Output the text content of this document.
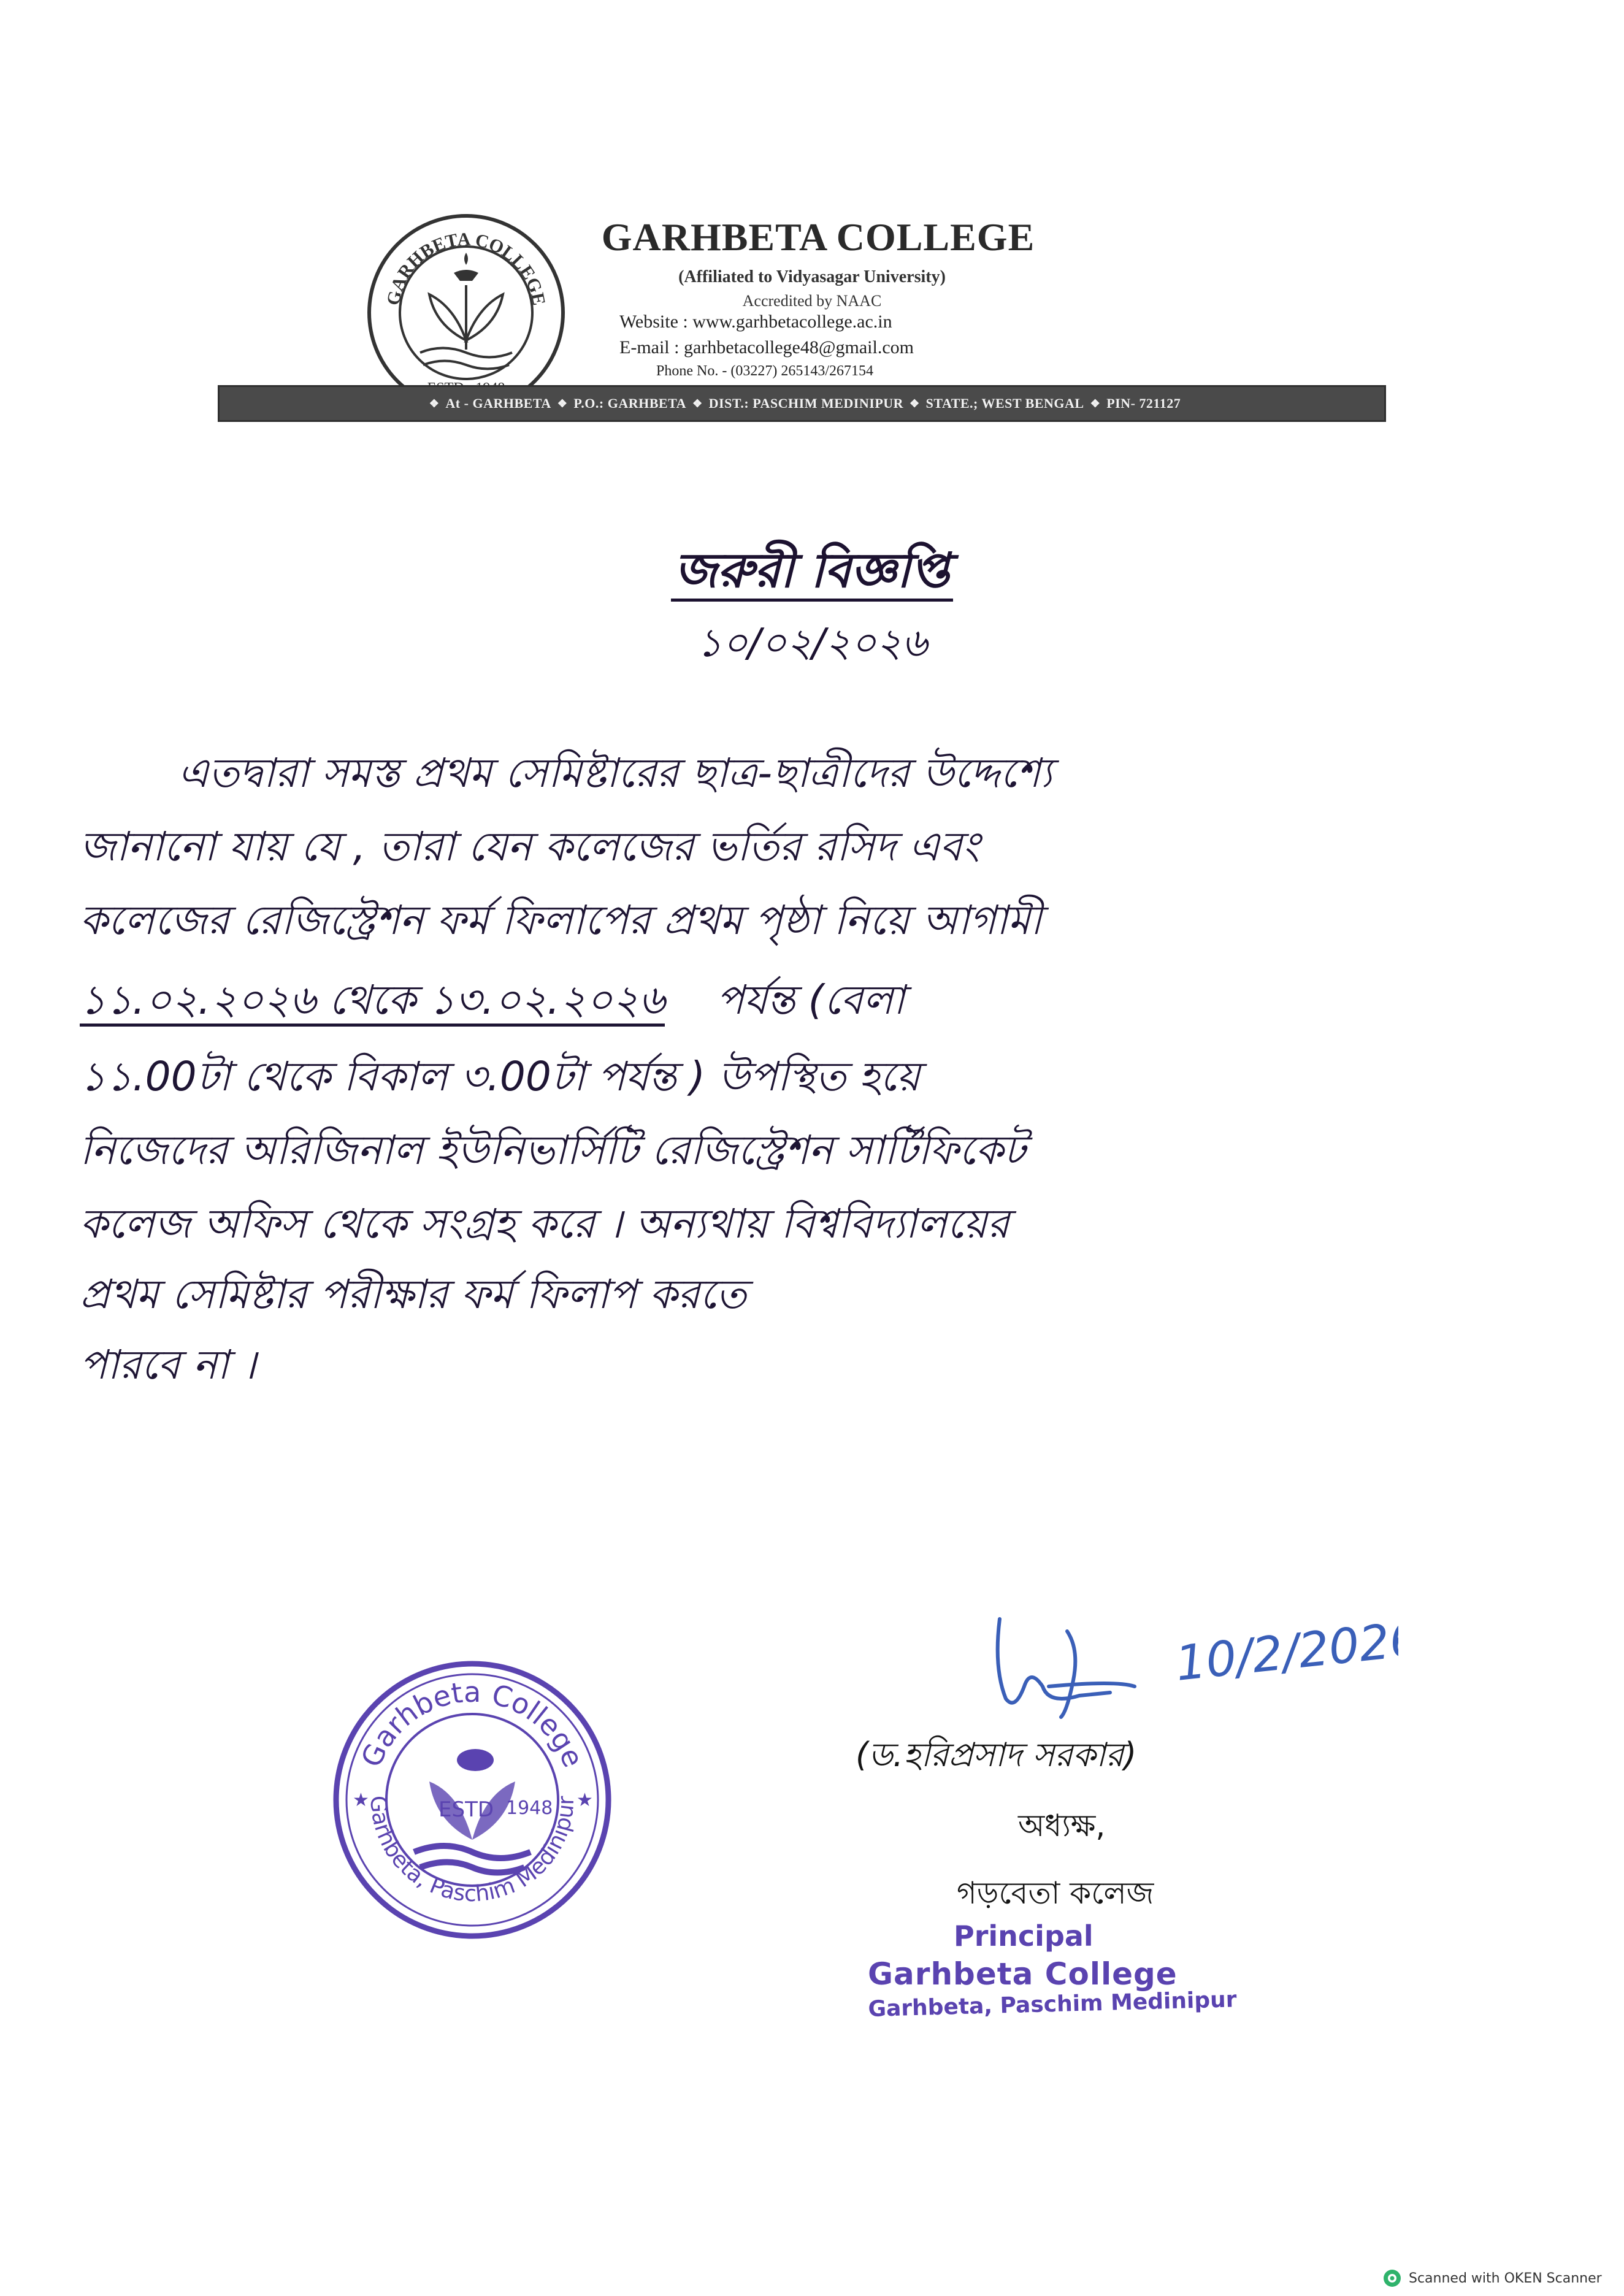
GARHBETA COLLEGE
GARHBETA COLLEGE
(Affiliated to Vidyasagar University)
Accredited by NAAC
Website : www.garhbetacollege.ac.in
E-mail : garhbetacollege48@gmail.com
Phone No. - (03227) 265143/267154
❖ At - GARHBETA ❖ P.O.: GARHBETA ❖ DIST.: PASCHIM MEDINIPUR ❖ STATE.; WEST BENGAL ❖ PIN- 721127
জরুরী বিজ্ঞপ্তি
১০/০২/২০২৬
এতদ্বারা সমস্ত প্রথম সেমিষ্টারের ছাত্র-ছাত্রীদের উদ্দেশ্যে
জানানো যায় যে , তারা যেন কলেজের ভর্তির রসিদ এবং
কলেজের রেজিস্ট্রেশন ফর্ম ফিলাপের প্রথম পৃষ্ঠা নিয়ে আগামী
১১.০২.২০২৬ থেকে ১৩.০২.২০২৬ পর্যন্ত (বেলা
১১.00টা থেকে বিকাল ৩.00টা পর্যন্ত ) উপস্থিত হয়ে
নিজেদের অরিজিনাল ইউনিভার্সিটি রেজিস্ট্রেশন সার্টিফিকেট
কলেজ অফিস থেকে সংগ্রহ করে । অন্যথায় বিশ্ববিদ্যালয়ের
প্রথম সেমিষ্টার পরীক্ষার ফর্ম ফিলাপ করতে
পারবে না ।
Garhbeta College
Garhbeta, Paschim Medinipur
★	★
ESTD 1948
10/2/2026
(ড.হরিপ্রসাদ সরকার)
অধ্যক্ষ,
গড়বেতা কলেজ
Principal
Garhbeta College
Garhbeta, Paschim Medinipur
Scanned with OKEN Scanner
